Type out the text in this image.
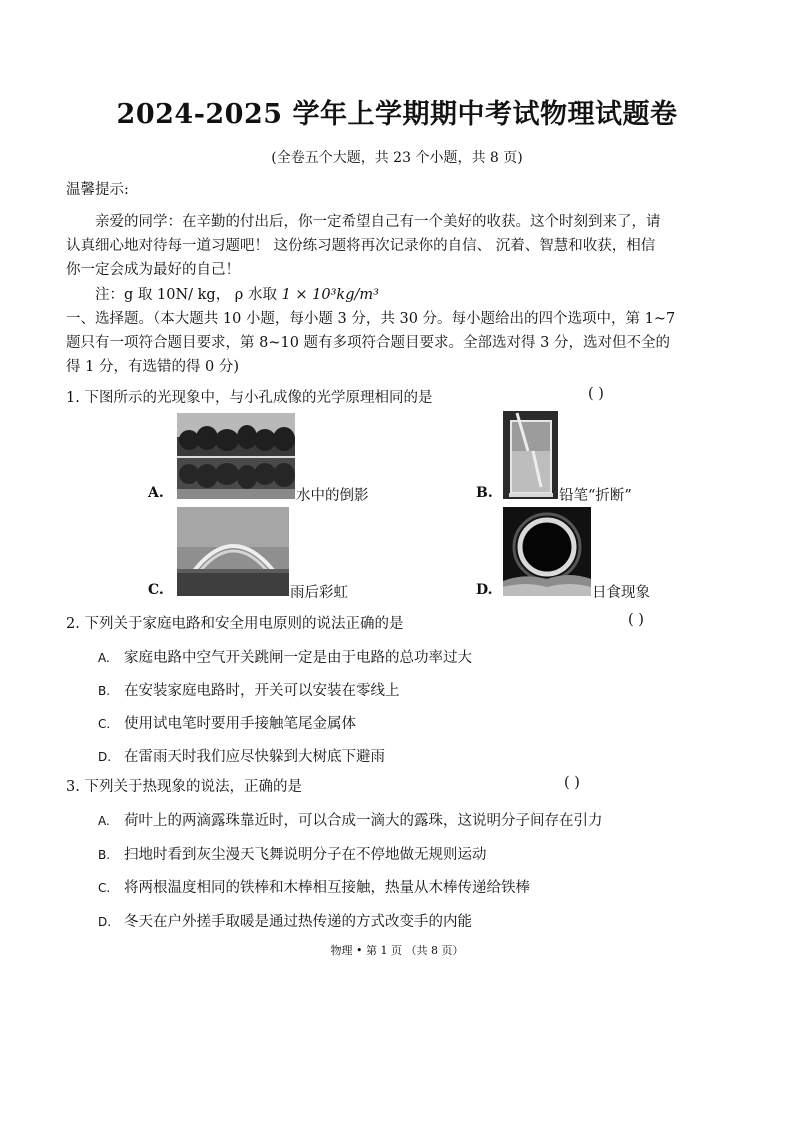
2024-2025 学年上学期期中考试物理试题卷
(全卷五个大题，共 23 个小题，共 8 页)
温馨提示:
亲爱的同学：在辛勤的付出后，你一定希望自己有一个美好的收获。这个时刻到来了，请
认真细心地对待每一道习题吧！ 这份练习题将再次记录你的自信、 沉着、智慧和收获，相信
你一定会成为最好的自己！
注：g 取 10N/ kg， ρ 水取 1 × 10³kg/m³
一、选择题。（本大题共 10 小题，每小题 3 分，共 30 分。每小题给出的四个选项中，第 1~7
题只有一项符合题目要求，第 8~10 题有多项符合题目要求。全部选对得 3 分，选对但不全的
得 1 分，有选错的得 0 分)
1. 下图所示的光现象中，与小孔成像的光学原理相同的是	( )
A.	水中的倒影	B.	铅笔“折断”
C.	雨后彩虹	D.	日食现象
2. 下列关于家庭电路和安全用电原则的说法正确的是	( )
A. 家庭电路中空气开关跳闸一定是由于电路的总功率过大
B. 在安装家庭电路时，开关可以安装在零线上
C. 使用试电笔时要用手接触笔尾金属体
D. 在雷雨天时我们应尽快躲到大树底下避雨
3. 下列关于热现象的说法，正确的是	( )
A. 荷叶上的两滴露珠靠近时，可以合成一滴大的露珠，这说明分子间存在引力
B. 扫地时看到灰尘漫天飞舞说明分子在不停地做无规则运动
C. 将两根温度相同的铁棒和木棒相互接触，热量从木棒传递给铁棒
D. 冬天在户外搓手取暖是通过热传递的方式改变手的内能
物理 • 第 1 页 （共 8 页）
